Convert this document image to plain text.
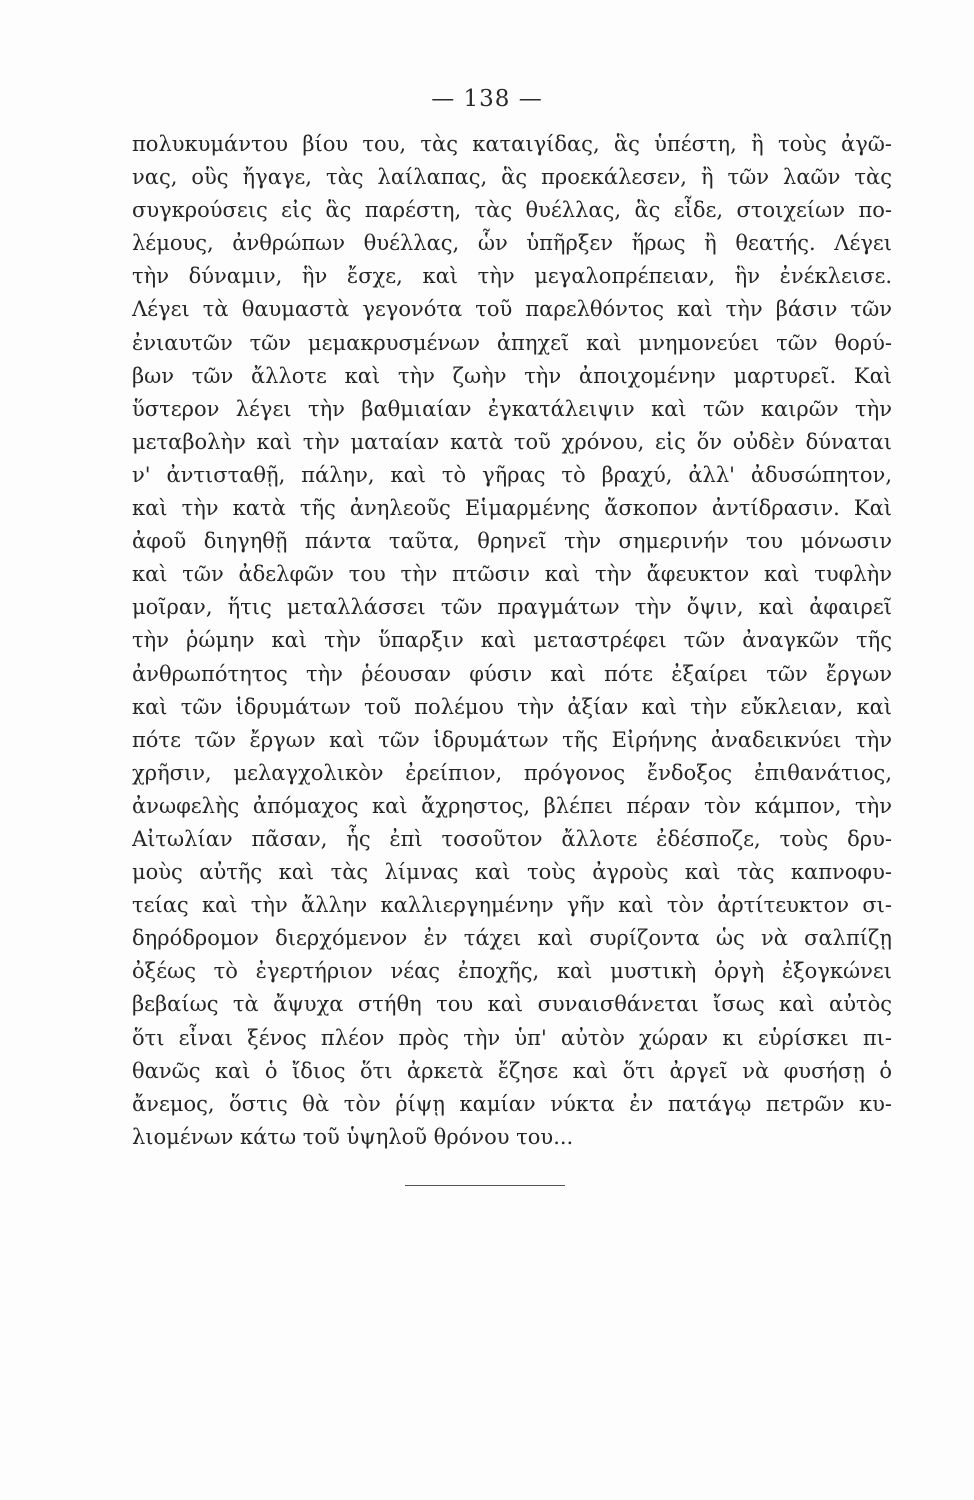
— 138 —
πολυκυμάντου βίου του, τὰς καταιγίδας, ἃς ὑπέστη, ἢ τοὺς ἀγῶ-
νας, οὓς ἤγαγε, τὰς λαίλαπας, ἃς προεκάλεσεν, ἢ τῶν λαῶν τὰς
συγκρούσεις εἰς ἃς παρέστη, τὰς θυέλλας, ἃς εἶδε, στοιχείων πο-
λέμους, ἀνθρώπων θυέλλας, ὧν ὑπῆρξεν ἥρως ἢ θεατής. Λέγει
τὴν δύναμιν, ἣν ἔσχε, καὶ τὴν μεγαλοπρέπειαν, ἣν ἐνέκλεισε.
Λέγει τὰ θαυμαστὰ γεγονότα τοῦ παρελθόντος καὶ τὴν βάσιν τῶν
ἐνιαυτῶν τῶν μεμακρυσμένων ἀπηχεῖ καὶ μνημονεύει τῶν θορύ-
βων τῶν ἄλλοτε καὶ τὴν ζωὴν τὴν ἀποιχομένην μαρτυρεῖ. Καὶ
ὕστερον λέγει τὴν βαθμιαίαν ἐγκατάλειψιν καὶ τῶν καιρῶν τὴν
μεταβολὴν καὶ τὴν ματαίαν κατὰ τοῦ χρόνου, εἰς ὅν οὐδὲν δύναται
ν' ἀντισταθῇ, πάλην, καὶ τὸ γῆρας τὸ βραχύ, ἀλλ' ἀδυσώπητον,
καὶ τὴν κατὰ τῆς ἀνηλεοῦς Εἱμαρμένης ἄσκοπον ἀντίδρασιν. Καὶ
ἀφοῦ διηγηθῇ πάντα ταῦτα, θρηνεῖ τὴν σημερινήν του μόνωσιν
καὶ τῶν ἀδελφῶν του τὴν πτῶσιν καὶ τὴν ἄφευκτον καὶ τυφλὴν
μοῖραν, ἥτις μεταλλάσσει τῶν πραγμάτων τὴν ὄψιν, καὶ ἀφαιρεῖ
τὴν ῥώμην καὶ τὴν ὕπαρξιν καὶ μεταστρέφει τῶν ἀναγκῶν τῆς
ἀνθρωπότητος τὴν ῥέουσαν φύσιν καὶ πότε ἐξαίρει τῶν ἔργων
καὶ τῶν ἱδρυμάτων τοῦ πολέμου τὴν ἀξίαν καὶ τὴν εὔκλειαν, καὶ
πότε τῶν ἔργων καὶ τῶν ἱδρυμάτων τῆς Εἰρήνης ἀναδεικνύει τὴν
χρῆσιν, μελαγχολικὸν ἐρείπιον, πρόγονος ἔνδοξος ἐπιθανάτιος,
ἀνωφελὴς ἀπόμαχος καὶ ἄχρηστος, βλέπει πέραν τὸν κάμπον, τὴν
Αἰτωλίαν πᾶσαν, ἧς ἐπὶ τοσοῦτον ἄλλοτε ἐδέσποζε, τοὺς δρυ-
μοὺς αὐτῆς καὶ τὰς λίμνας καὶ τοὺς ἀγροὺς καὶ τὰς καπνοφυ-
τείας καὶ τὴν ἄλλην καλλιεργημένην γῆν καὶ τὸν ἀρτίτευκτον σι-
δηρόδρομον διερχόμενον ἐν τάχει καὶ συρίζοντα ὡς νὰ σαλπίζῃ
ὀξέως τὸ ἐγερτήριον νέας ἐποχῆς, καὶ μυστικὴ ὀργὴ ἐξογκώνει
βεβαίως τὰ ἄψυχα στήθη του καὶ συναισθάνεται ἴσως καὶ αὐτὸς
ὅτι εἶναι ξένος πλέον πρὸς τὴν ὑπ' αὐτὸν χώραν κι εὑρίσκει πι-
θανῶς καὶ ὁ ἴδιος ὅτι ἀρκετὰ ἔζησε καὶ ὅτι ἀργεῖ νὰ φυσήσῃ ὁ
ἄνεμος, ὅστις θὰ τὸν ῥίψῃ καμίαν νύκτα ἐν πατάγῳ πετρῶν κυ-
λιομένων κάτω τοῦ ὑψηλοῦ θρόνου του...
